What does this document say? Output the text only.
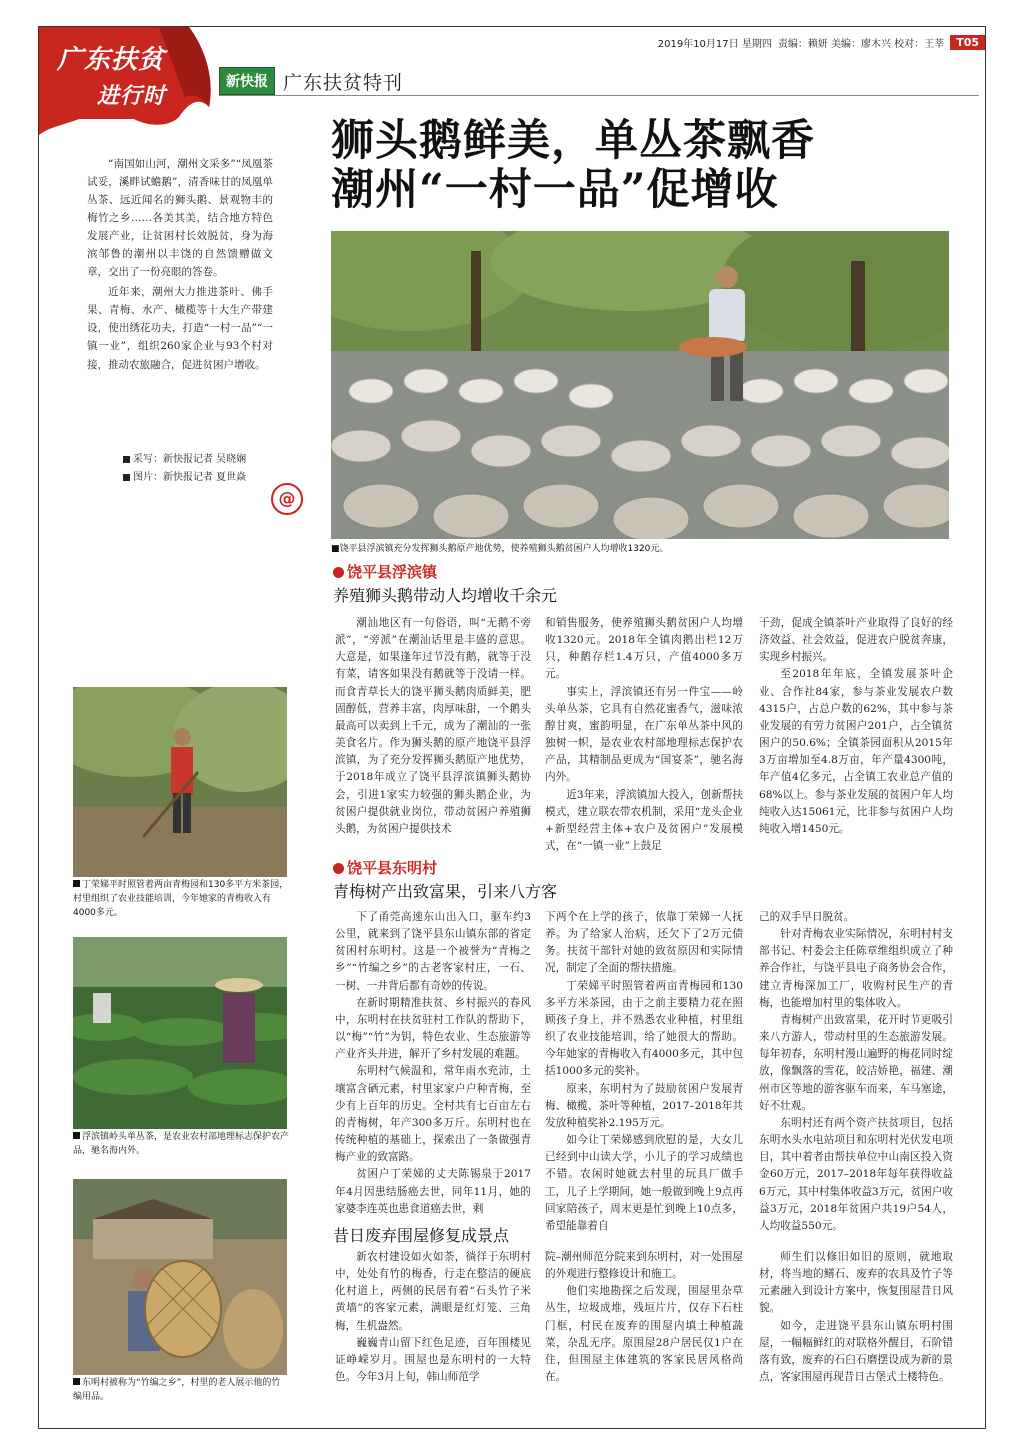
广东扶贫
进行时
新快报 广东扶贫特刊
2019年10月17日 星期四 责编：赖妍 美编：廖木兴 校对：王莘	T05
狮头鹅鲜美，单丛茶飘香
潮州“一村一品”促增收

“南国如山河，潮州文采多”“凤凰茶试妥，溪畔试蟾鹅”，清香味甘的凤凰单丛茶、远近闻名的狮头鹅、景观物丰的梅竹之乡……各美其美，结合地方特色发展产业，让贫困村长效脱贫，身为海滨邹鲁的潮州以丰饶的自然馈赠做文章，交出了一份亮眼的答卷。

近年来，潮州大力推进茶叶、佛手果、青梅、水产、橄榄等十大生产带建设，使出绣花功夫，打造“一村一品”“一镇一业”，组织260家企业与93个村对接，推动农旅融合，促进贫困户增收。

采写：新快报记者 吴晓娴
图片：新快报记者 夏世焱
@
■饶平县浮滨镇充分发挥狮头鹅原产地优势，使养殖狮头鹅贫困户人均增收1320元。
饶平县浮滨镇
养殖狮头鹅带动人均增收千余元

潮汕地区有一句俗语，叫“无鹅不旁派”，“旁派”在潮汕话里是丰盛的意思。大意是，如果逢年过节没有鹅，就等于没有菜，请客如果没有鹅就等于没请一样。而食青草长大的饶平狮头鹅肉质鲜美，肥固醇低，营养丰富，肉厚味甜，一个鹅头最高可以卖到上千元，成为了潮汕的一张美食名片。作为狮头鹅的原产地饶平县浮滨镇，为了充分发挥狮头鹅原产地优势，于2018年成立了饶平县浮滨镇狮头鹅协会，引进1家实力较强的狮头鹅企业，为贫困户提供就业岗位，带动贫困户养殖狮头鹅，为贫困户提供技术

和销售服务，使养殖狮头鹅贫困户人均增收1320元。2018年全镇肉鹅出栏12万只，种鹅存栏1.4万只，产值4000多万元。

事实上，浮滨镇还有另一件宝——岭头单丛茶，它具有自然花蜜香气，滋味浓醇甘爽，蜜韵明显，在广东单丛茶中风的独树一帜，是农业农村部地理标志保护农产品，其精制品更成为“国宴茶”，驰名海内外。

近3年来，浮滨镇加大投入，创新帮扶模式，建立联农带农机制，采用“龙头企业+新型经营主体+农户及贫困户”发展模式，在“一镇一业”上鼓足

干劲，促成全镇茶叶产业取得了良好的经济效益、社会效益，促进农户脱贫奔康，实现乡村振兴。

至2018年年底，全镇发展茶叶企业、合作社84家，参与茶业发展农户数4315户，占总户数的62%，其中参与茶业发展的有劳力贫困户201户，占全镇贫困户的50.6%；全镇茶园面积从2015年3万亩增加至4.8万亩，年产量4300吨，年产值4亿多元，占全镇工农业总产值的68%以上。参与茶业发展的贫困户年人均纯收入达15061元，比非参与贫困户人均纯收入增1450元。

饶平县东明村
青梅树产出致富果，引来八方客

下了甬莞高速东山出入口，驱车约3公里，就来到了饶平县东山镇东部的省定贫困村东明村。这是一个被誉为“青梅之乡”“竹编之乡”的古老客家村庄，一石、一树、一井背后都有奇妙的传说。

在新时期精准扶贫、乡村振兴的春风中，东明村在扶贫驻村工作队的帮助下，以“梅”“竹”为钥，特色农业、生态旅游等产业齐头并进，解开了乡村发展的难题。

东明村气候温和，常年雨水充沛，土壤富含硒元素，村里家家户户种青梅，至少有上百年的历史。全村共有七百亩左右的青梅树，年产300多万斤。东明村也在传统种植的基础上，探索出了一条做强青梅产业的致富路。

贫困户丁荣娣的丈夫陈锡泉于2017年4月因患结肠癌去世，同年11月，她的家婆李连英也患食道癌去世，剩

下两个在上学的孩子，依靠丁荣娣一人抚养。为了给家人治病，还欠下了2万元债务。扶贫干部针对她的致贫原因和实际情况，制定了全面的帮扶措施。

丁荣娣平时照管着两亩青梅园和130多平方米茶园，由于之前主要精力花在照顾孩子身上，并不熟悉农业种植，村里组织了农业技能培训，给了她很大的帮助。今年她家的青梅收入有4000多元，其中包括1000多元的奖补。

原来，东明村为了鼓励贫困户发展青梅、橄榄、茶叶等种植，2017–2018年共发放种植奖补2.195万元。

如今让丁荣娣感到欣慰的是，大女儿已经到中山读大学，小儿子的学习成绩也不错。农闲时她就去村里的玩具厂做手工，儿子上学期间，她一般做到晚上9点再回家陪孩子，周末更是忙到晚上10点多，希望能靠着自

己的双手早日脱贫。

针对青梅农业实际情况，东明村村支部书记、村委会主任陈章维组织成立了种养合作社，与饶平县电子商务协会合作，建立青梅深加工厂，收购村民生产的青梅，也能增加村里的集体收入。

青梅树产出致富果，花开时节更吸引来八方游人，带动村里的生态旅游发展。每年初春，东明村漫山遍野的梅花同时绽放，像飘落的雪花，皎洁娇艳，福建、潮州市区等地的游客驱车而来，车马塞途，好不壮观。

东明村还有两个资产扶贫项目，包括东明水头水电站项目和东明村光伏发电项目，其中着者由帮扶单位中山南区投入资金60万元，2017–2018年每年获得收益6万元，其中村集体收益3万元，贫困户收益3万元，2018年贫困户共19户54人，人均收益550元。

昔日废弃围屋修复成景点

新农村建设如火如荼，徜徉于东明村中，处处有竹的梅香，行走在整洁的硬底化村道上，两侧的民居有着“石头竹子米黄墙”的客家元素，满眼是红灯笼、三角梅，生机盎然。

巍巍青山留下红色足迹，百年围楼见证峥嵘岁月。围屋也是东明村的一大特色。今年3月上旬，韩山师范学

院–潮州师范分院来到东明村，对一处围屋的外观进行整修设计和施工。

他们实地勘探之后发现，围屋里杂草丛生，垃圾成堆，残垣片片，仅存下石柱门框，村民在废弃的围屋内填土种植蔬菜，杂乱无序。原围屋28户居民仅1户在住，但围屋主体建筑的客家民居风格尚在。

师生们以修旧如旧的原则，就地取材，将当地的鳝石、废弃的农具及竹子等元素融入到设计方案中，恢复围屋昔日风貌。

如今，走进饶平县东山镇东明村围屋，一幅幅鲜红的对联格外醒目，石阶错落有致，废弃的石臼石磨摆设成为新的景点，客家围屋再现昔日古堡式土楼特色。

丁荣娣平时照管着两亩青梅园和130多平方米茶园，村里组织了农业技能培训，今年她家的青梅收入有4000多元。
浮滨镇岭头单丛茶，是农业农村部地理标志保护农产品，驰名海内外。
东明村被称为“竹编之乡”，村里的老人展示他的竹编用品。
